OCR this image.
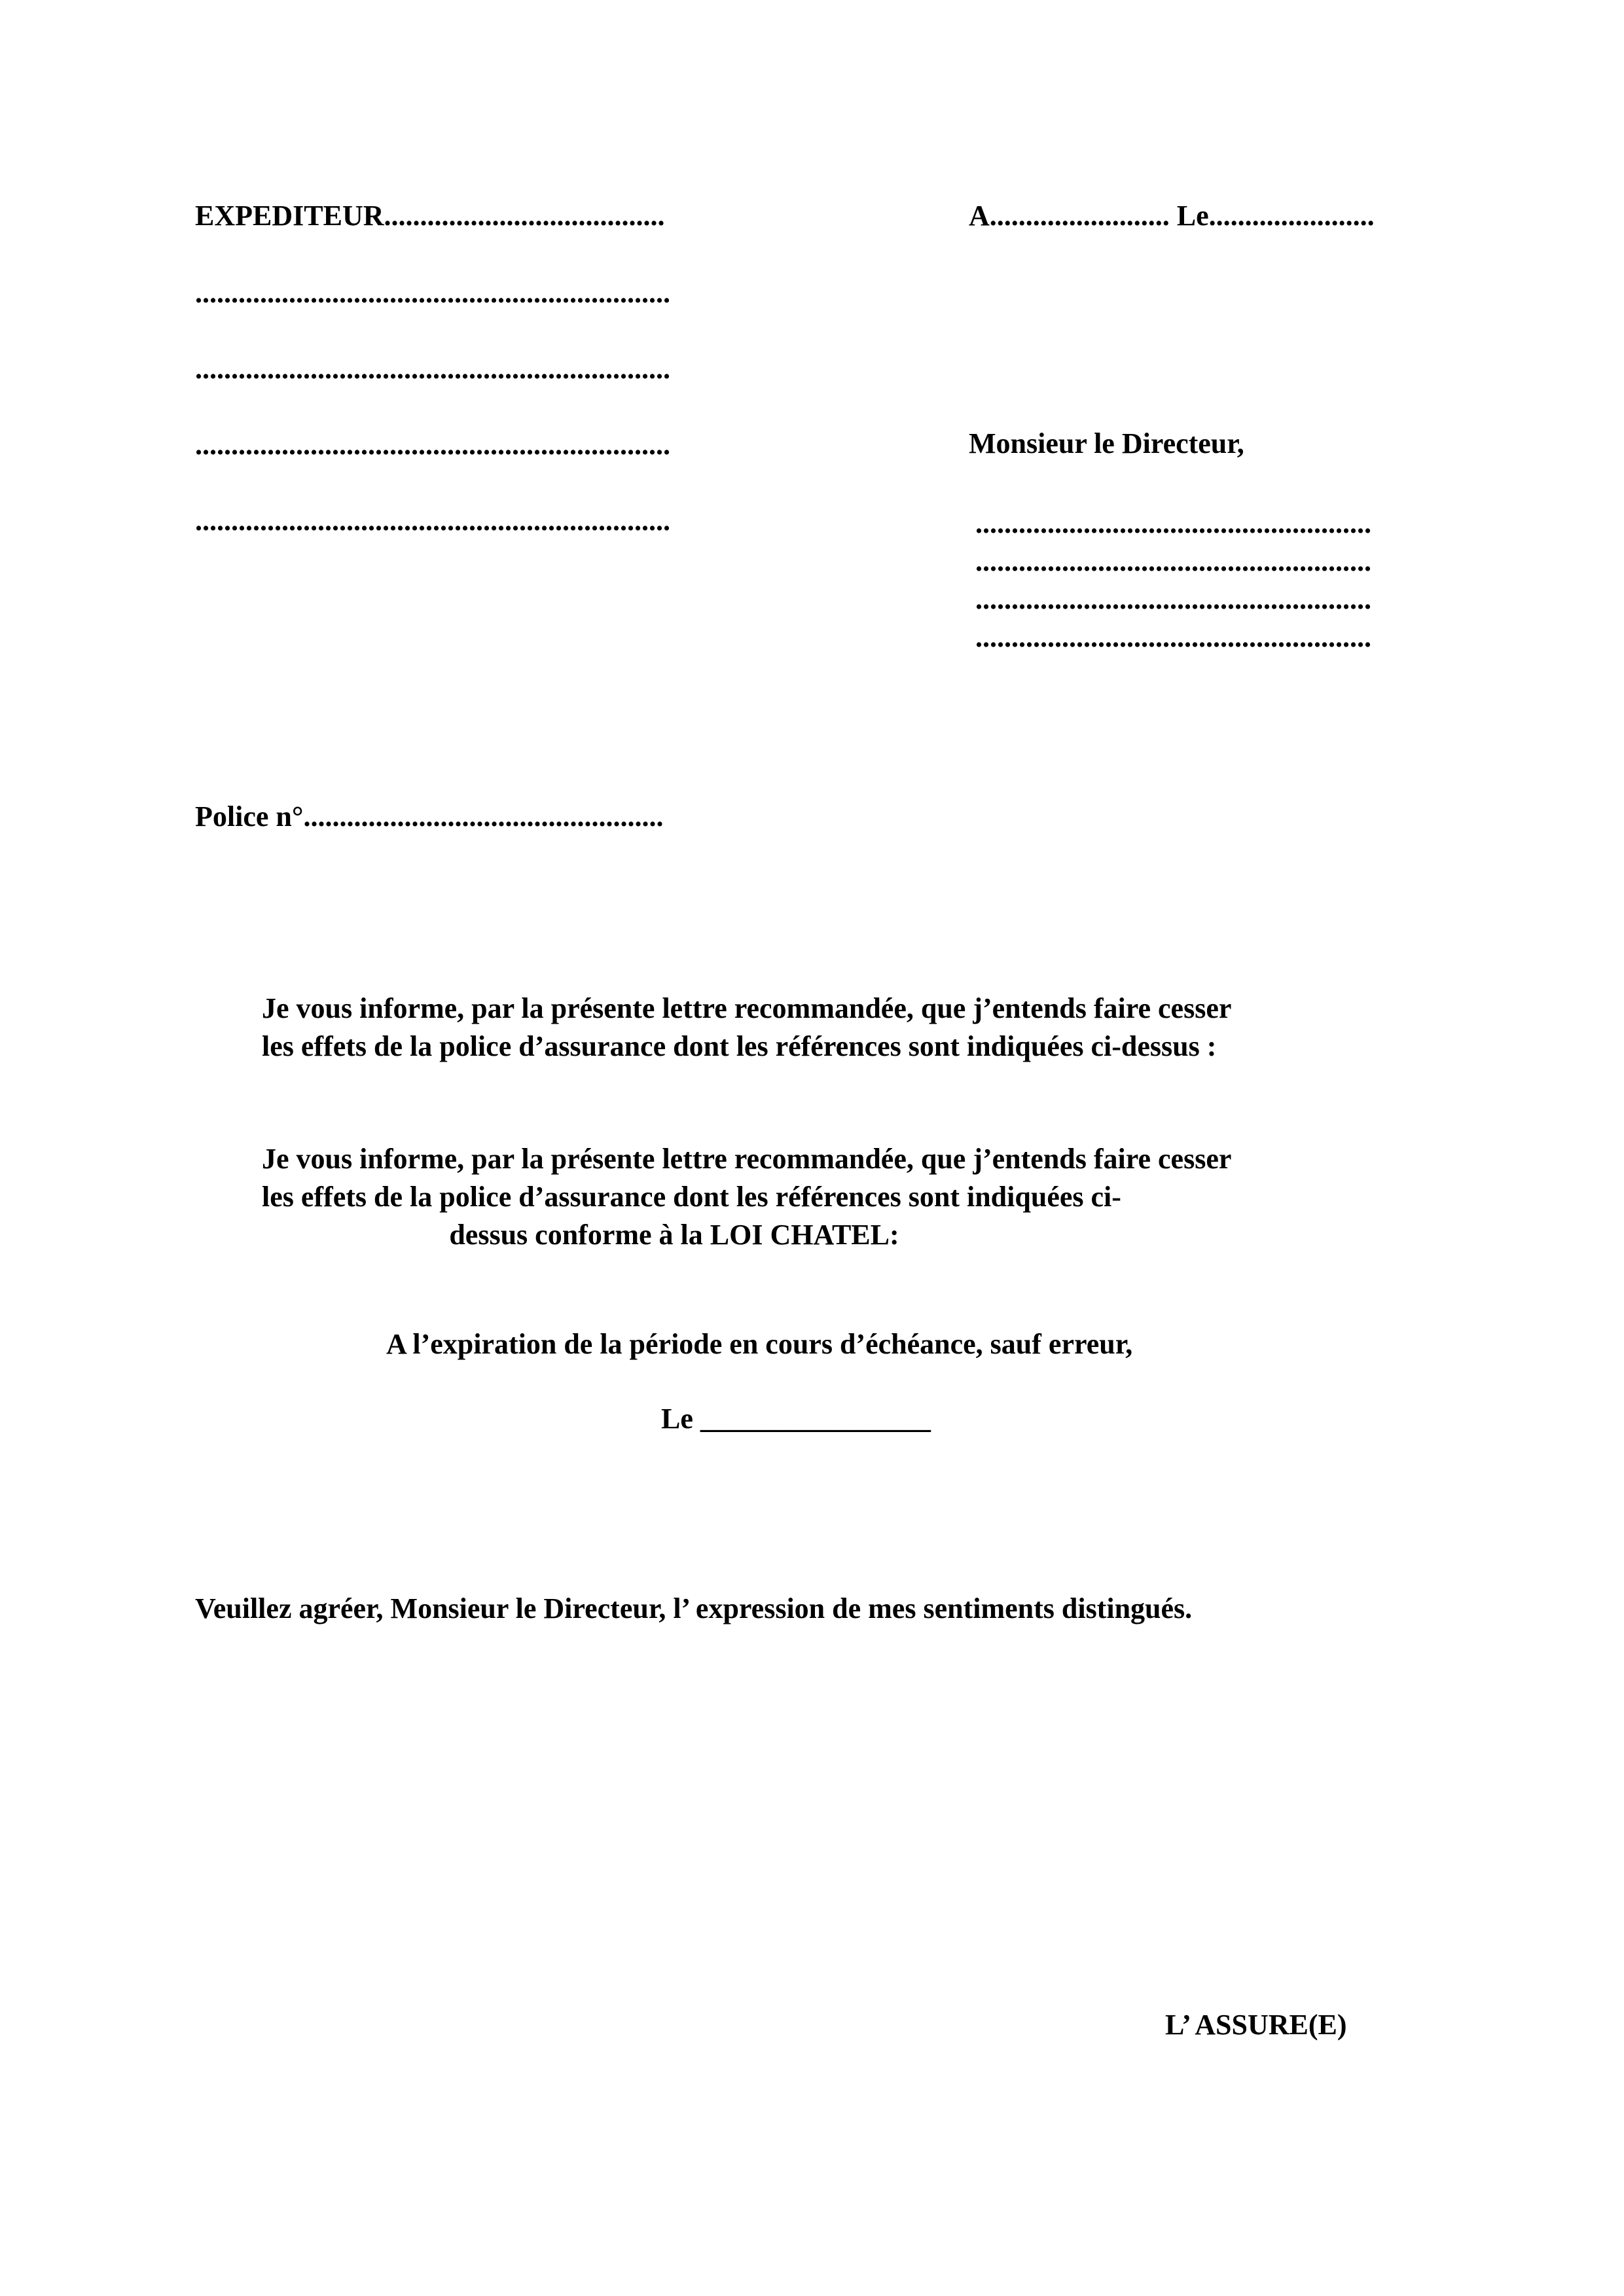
EXPEDITEUR.......................................

..................................................................

..................................................................

..................................................................

..................................................................

A......................... Le.......................

Monsieur le Directeur,

.......................................................

.......................................................

.......................................................

.......................................................

Police n°..................................................

Je vous informe, par la présente lettre recommandée, que j’entends faire cesser
les effets de la police d’assurance dont les références sont indiquées ci-dessus :
Je vous informe, par la présente lettre recommandée, que j’entends faire cesser
les effets de la police d’assurance dont les références sont indiquées ci-
dessus conforme à la LOI CHATEL:

A l’expiration de la période en cours d’échéance, sauf erreur,

Le ________________

Veuillez agréer, Monsieur le Directeur, l’ expression de mes sentiments distingués.

L’ ASSURE(E)
